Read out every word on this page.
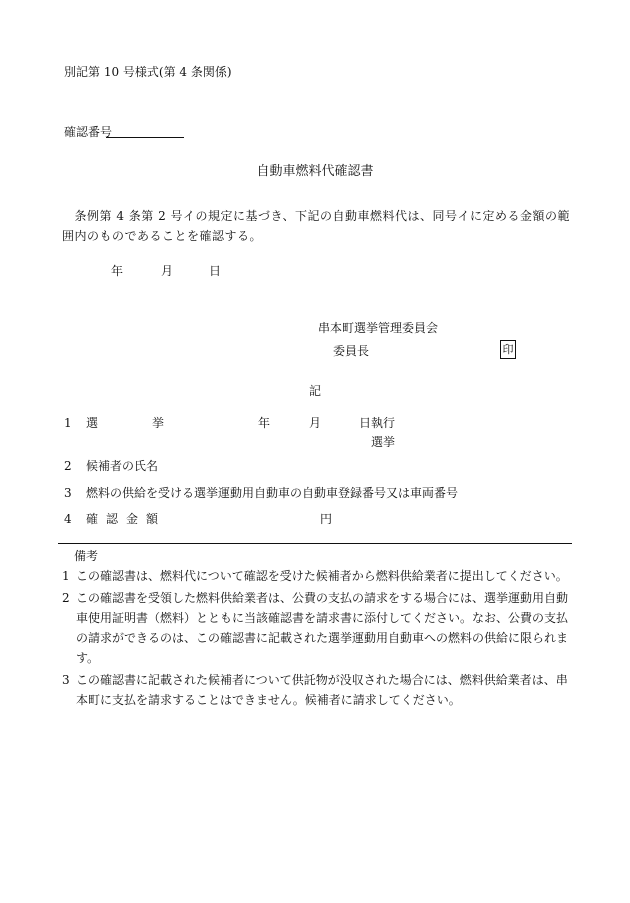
別記第 10 号様式(第 4 条関係)
確認番号
自動車燃料代確認書
　条例第 4 条第 2 号イの規定に基づき、下記の自動車燃料代は、同号イに定める金額の範囲内のものであることを確認する。
年	月	日
串本町選挙管理委員会
委員長	印
記
1 選	挙	年	月	日執行
選挙
2 候補者の氏名
3 燃料の供給を受ける選挙運動用自動車の自動車登録番号又は車両番号
4 確認金額	円
備考
1 この確認書は、燃料代について確認を受けた候補者から燃料供給業者に提出してください。
2 この確認書を受領した燃料供給業者は、公費の支払の請求をする場合には、選挙運動用自動車使用証明書（燃料）とともに当該確認書を請求書に添付してください。なお、公費の支払の請求ができるのは、この確認書に記載された選挙運動用自動車への燃料の供給に限られます。
3 この確認書に記載された候補者について供託物が没収された場合には、燃料供給業者は、串本町に支払を請求することはできません。候補者に請求してください。
